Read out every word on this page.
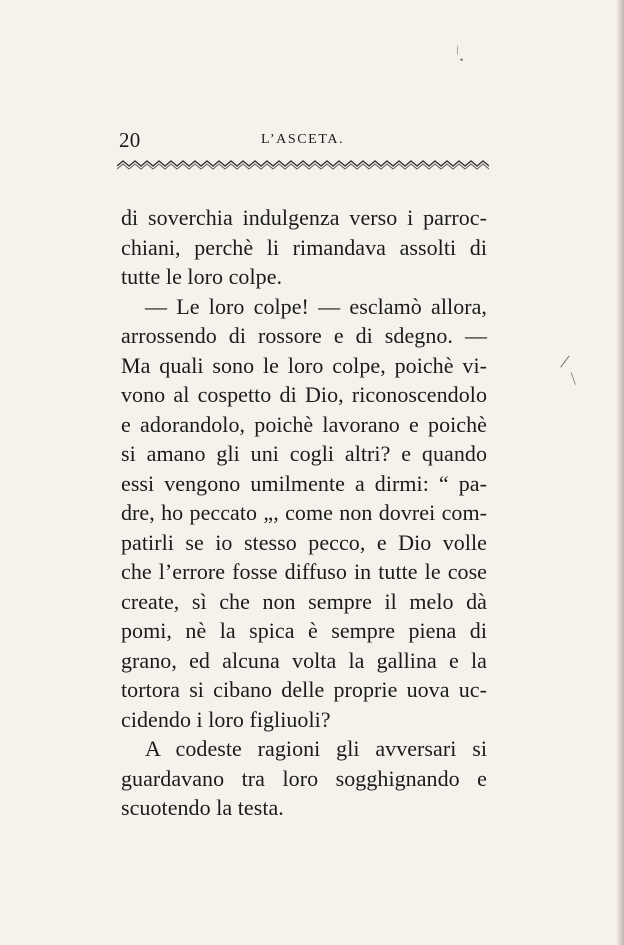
\
•
/
|
20	L’ASCETA.
di soverchia indulgenza verso i parroc-
chiani, perchè li rimandava assolti di
tutte le loro colpe.
— Le loro colpe! — esclamò allora,
arrossendo di rossore e di sdegno. —
Ma quali sono le loro colpe, poichè vi-
vono al cospetto di Dio, riconoscendolo
e adorandolo, poichè lavorano e poichè
si amano gli uni cogli altri? e quando
essi vengono umilmente a dirmi: “ pa-
dre, ho peccato „, come non dovrei com-
patirli se io stesso pecco, e Dio volle
che l’errore fosse diffuso in tutte le cose
create, sì che non sempre il melo dà
pomi, nè la spica è sempre piena di
grano, ed alcuna volta la gallina e la
tortora si cibano delle proprie uova uc-
cidendo i loro figliuoli?
A codeste ragioni gli avversari si
guardavano tra loro sogghignando e
scuotendo la testa.
